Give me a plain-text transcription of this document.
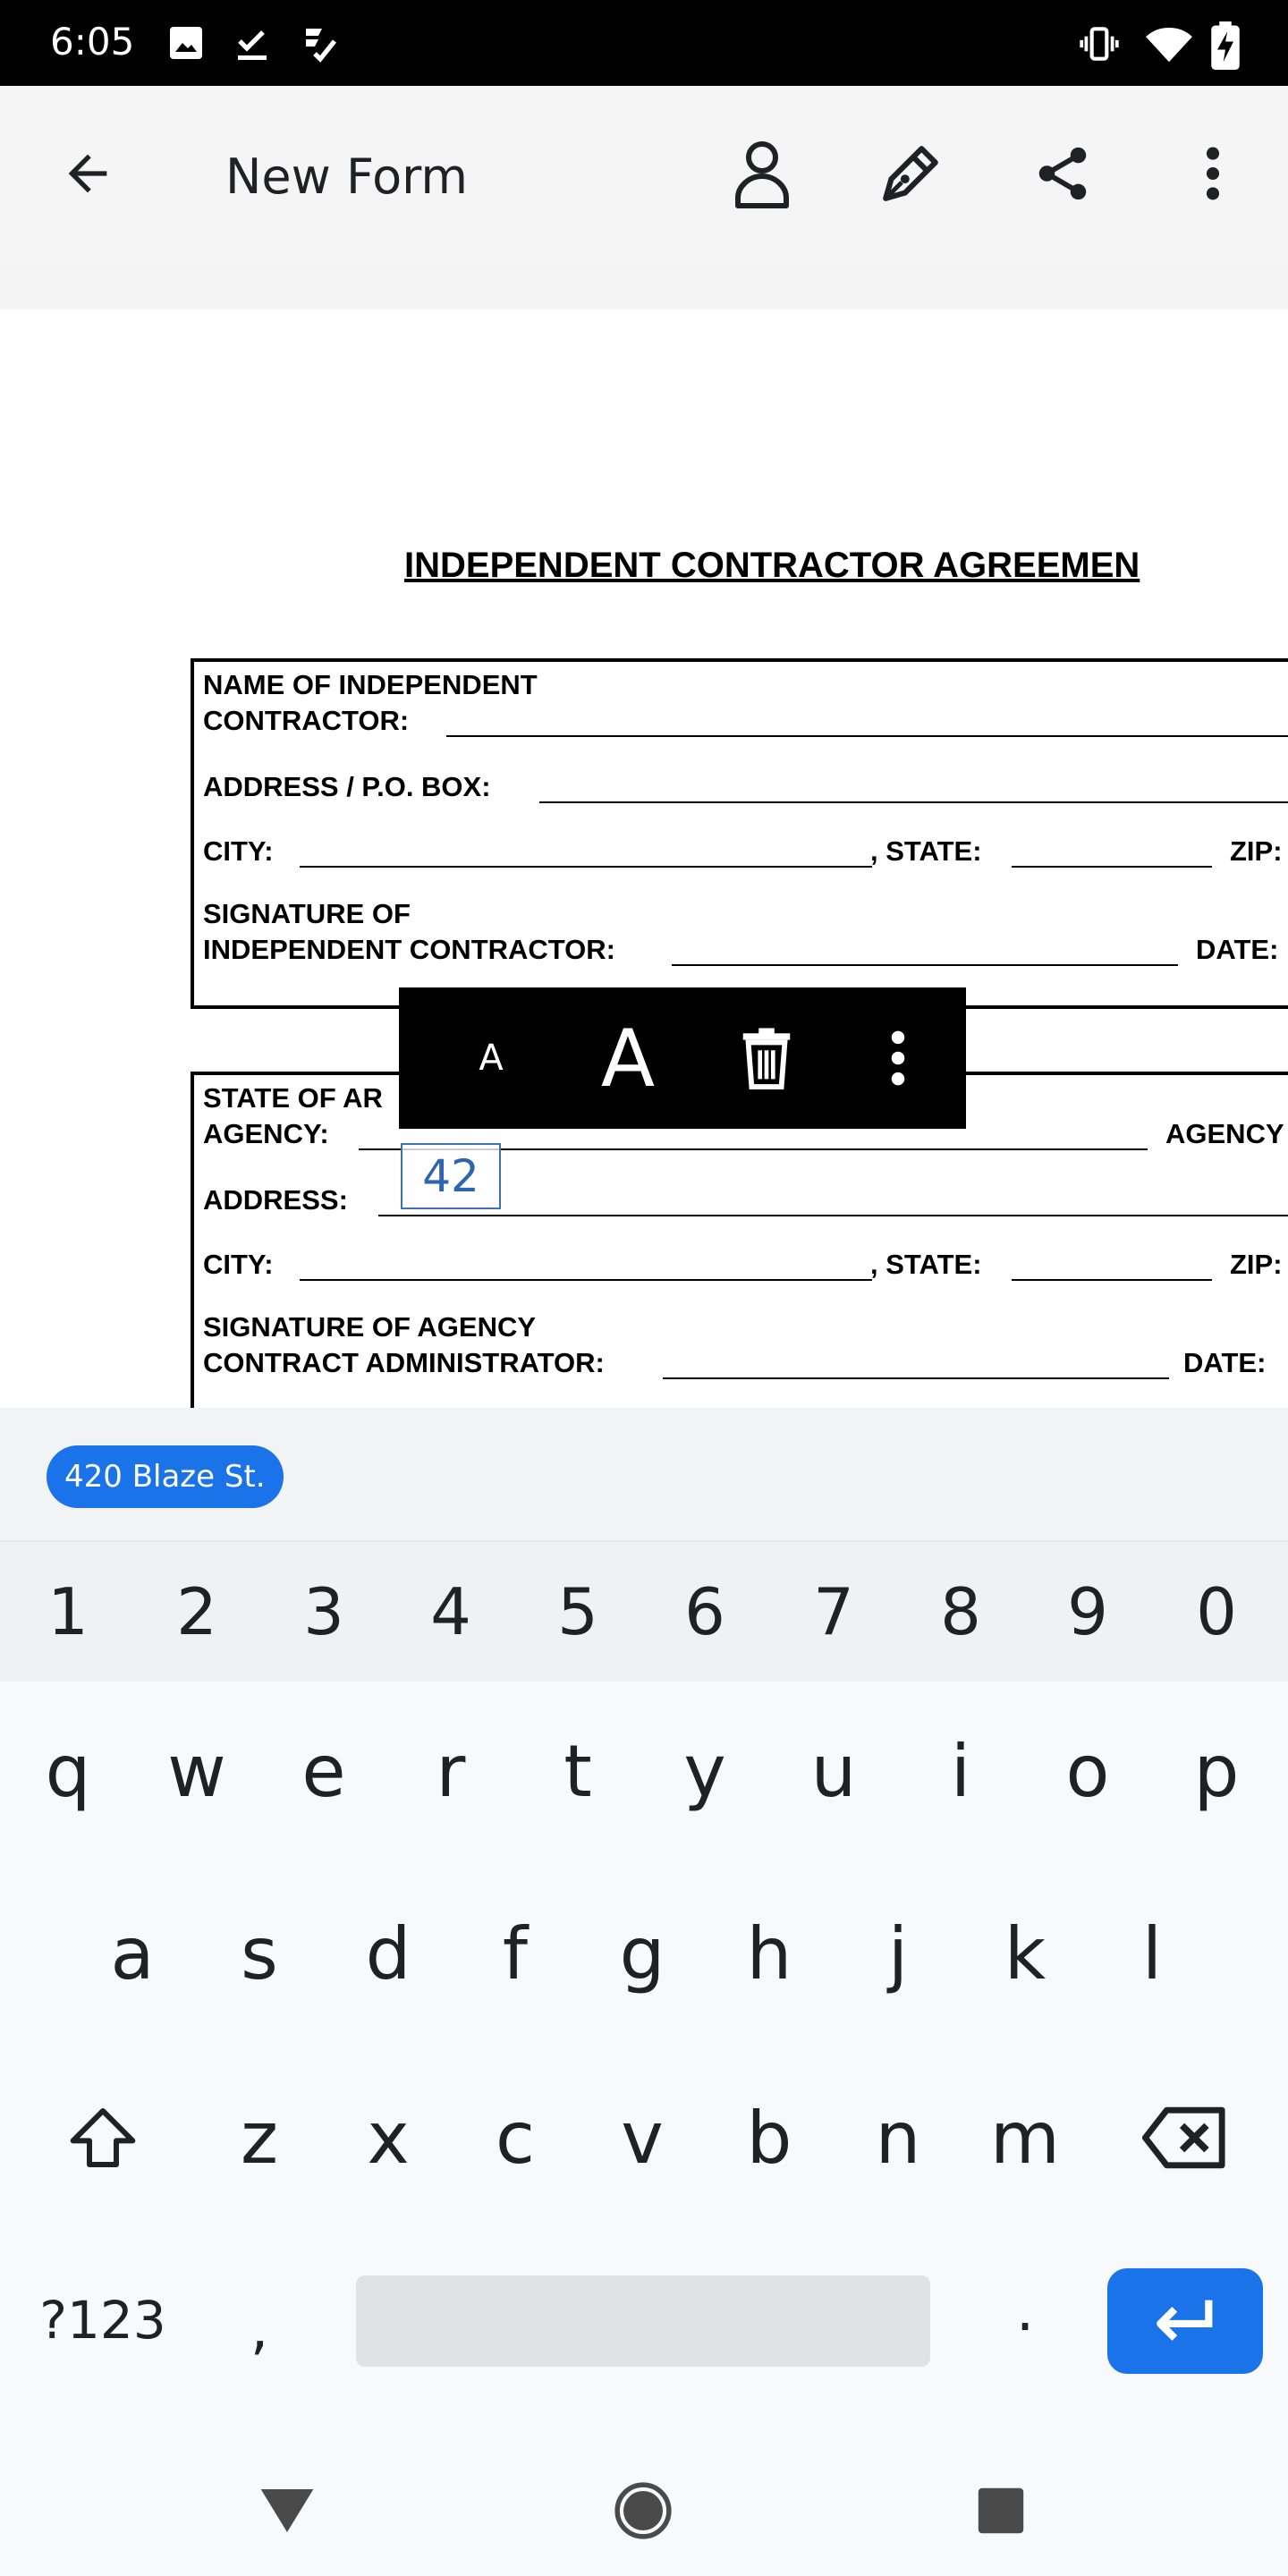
6:05
New Form
INDEPENDENT CONTRACTOR AGREEMEN
NAME OF INDEPENDENT
CONTRACTOR:
ADDRESS / P.O. BOX:
CITY:	, STATE:	ZIP:
SIGNATURE OF
INDEPENDENT CONTRACTOR:	DATE:
STATE OF AR
AGENCY:	AGENCY
ADDRESS:
CITY:	, STATE:	ZIP:
SIGNATURE OF AGENCY
CONTRACT ADMINISTRATOR:	DATE:
A	A
42
420 Blaze St.
1	2	3	4	5	6	7	8	9	0
q	w	e	r	t	y	u	i	o	p
a	s	d	f	g	h	j	k	l
z	x	c	v	b	n m
?123	,	.
